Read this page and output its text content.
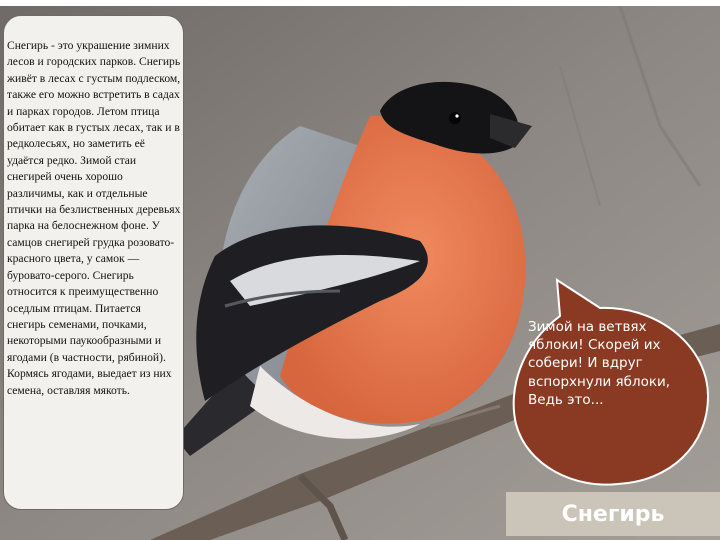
Снегирь - это украшение зимних лесов и городских парков. Снегирь живёт в лесах с густым подлеском, также его можно встретить в садах и парках городов. Летом птица обитает как в густых лесах, так и в редколесьях, но заметить её удаётся редко. Зимой стаи снегирей очень хорошо различимы, как и отдельные птички на безлиственных деревьях парка на белоснежном фоне. У самцов снегирей грудка розовато-красного цвета, у самок — буровато-серого. Снегирь относится к преимущественно оседлым птицам. Питается снегирь семенами, почками, некоторыми паукообразными и ягодами (в частности, рябиной). Кормясь ягодами, выедает из них семена, оставляя мякоть.

Зимой на ветвях яблоки! Скорей их собери! И вдруг вспорхнули яблоки, Ведь это...

Снегирь
